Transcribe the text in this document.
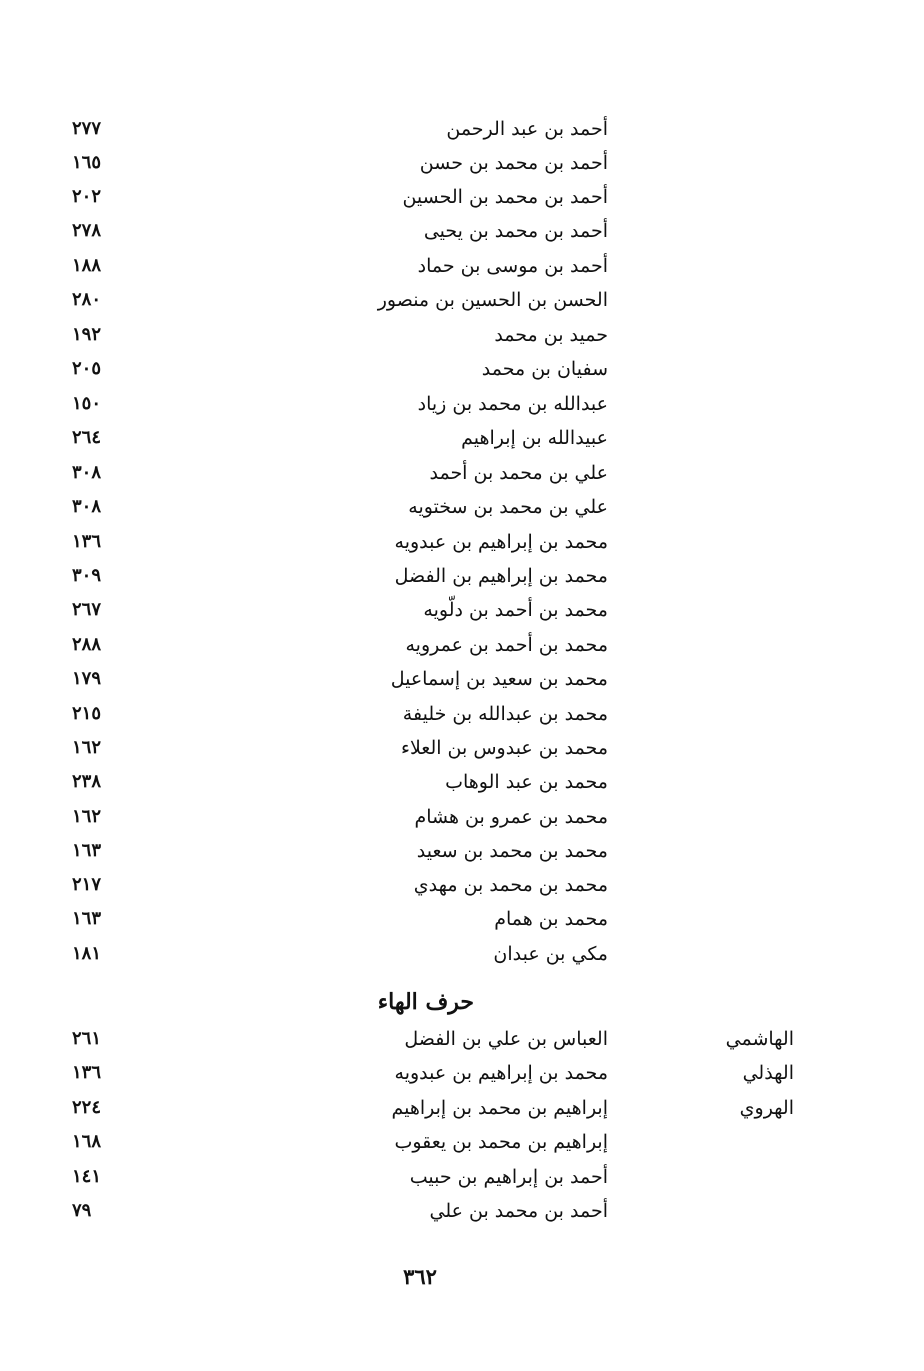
أحمد بن عبد الرحمن
٢٧٧
أحمد بن محمد بن حسن
١٦٥
أحمد بن محمد بن الحسين
٢٠٢
أحمد بن محمد بن يحيى
٢٧٨
أحمد بن موسى بن حماد
١٨٨
الحسن بن الحسين بن منصور
٢٨٠
حميد بن محمد
١٩٢
سفيان بن محمد
٢٠٥
عبدالله بن محمد بن زياد
١٥٠
عبيدالله بن إبراهيم
٢٦٤
علي بن محمد بن أحمد
٣٠٨
علي بن محمد بن سختويه
٣٠٨
محمد بن إبراهيم بن عبدويه
١٣٦
محمد بن إبراهيم بن الفضل
٣٠٩
محمد بن أحمد بن دلّويه
٢٦٧
محمد بن أحمد بن عمرويه
٢٨٨
محمد بن سعيد بن إسماعيل
١٧٩
محمد بن عبدالله بن خليفة
٢١٥
محمد بن عبدوس بن العلاء
١٦٢
محمد بن عبد الوهاب
٢٣٨
محمد بن عمرو بن هشام
١٦٢
محمد بن محمد بن سعيد
١٦٣
محمد بن محمد بن مهدي
٢١٧
محمد بن همام
١٦٣
مكي بن عبدان
١٨١
حرف الهاء
الهاشمي
العباس بن علي بن الفضل
٢٦١
الهذلي
محمد بن إبراهيم بن عبدويه
١٣٦
الهروي
إبراهيم بن محمد بن إبراهيم
٢٢٤
إبراهيم بن محمد بن يعقوب
١٦٨
أحمد بن إبراهيم بن حبيب
١٤١
أحمد بن محمد بن علي
٧٩
٣٦٢
